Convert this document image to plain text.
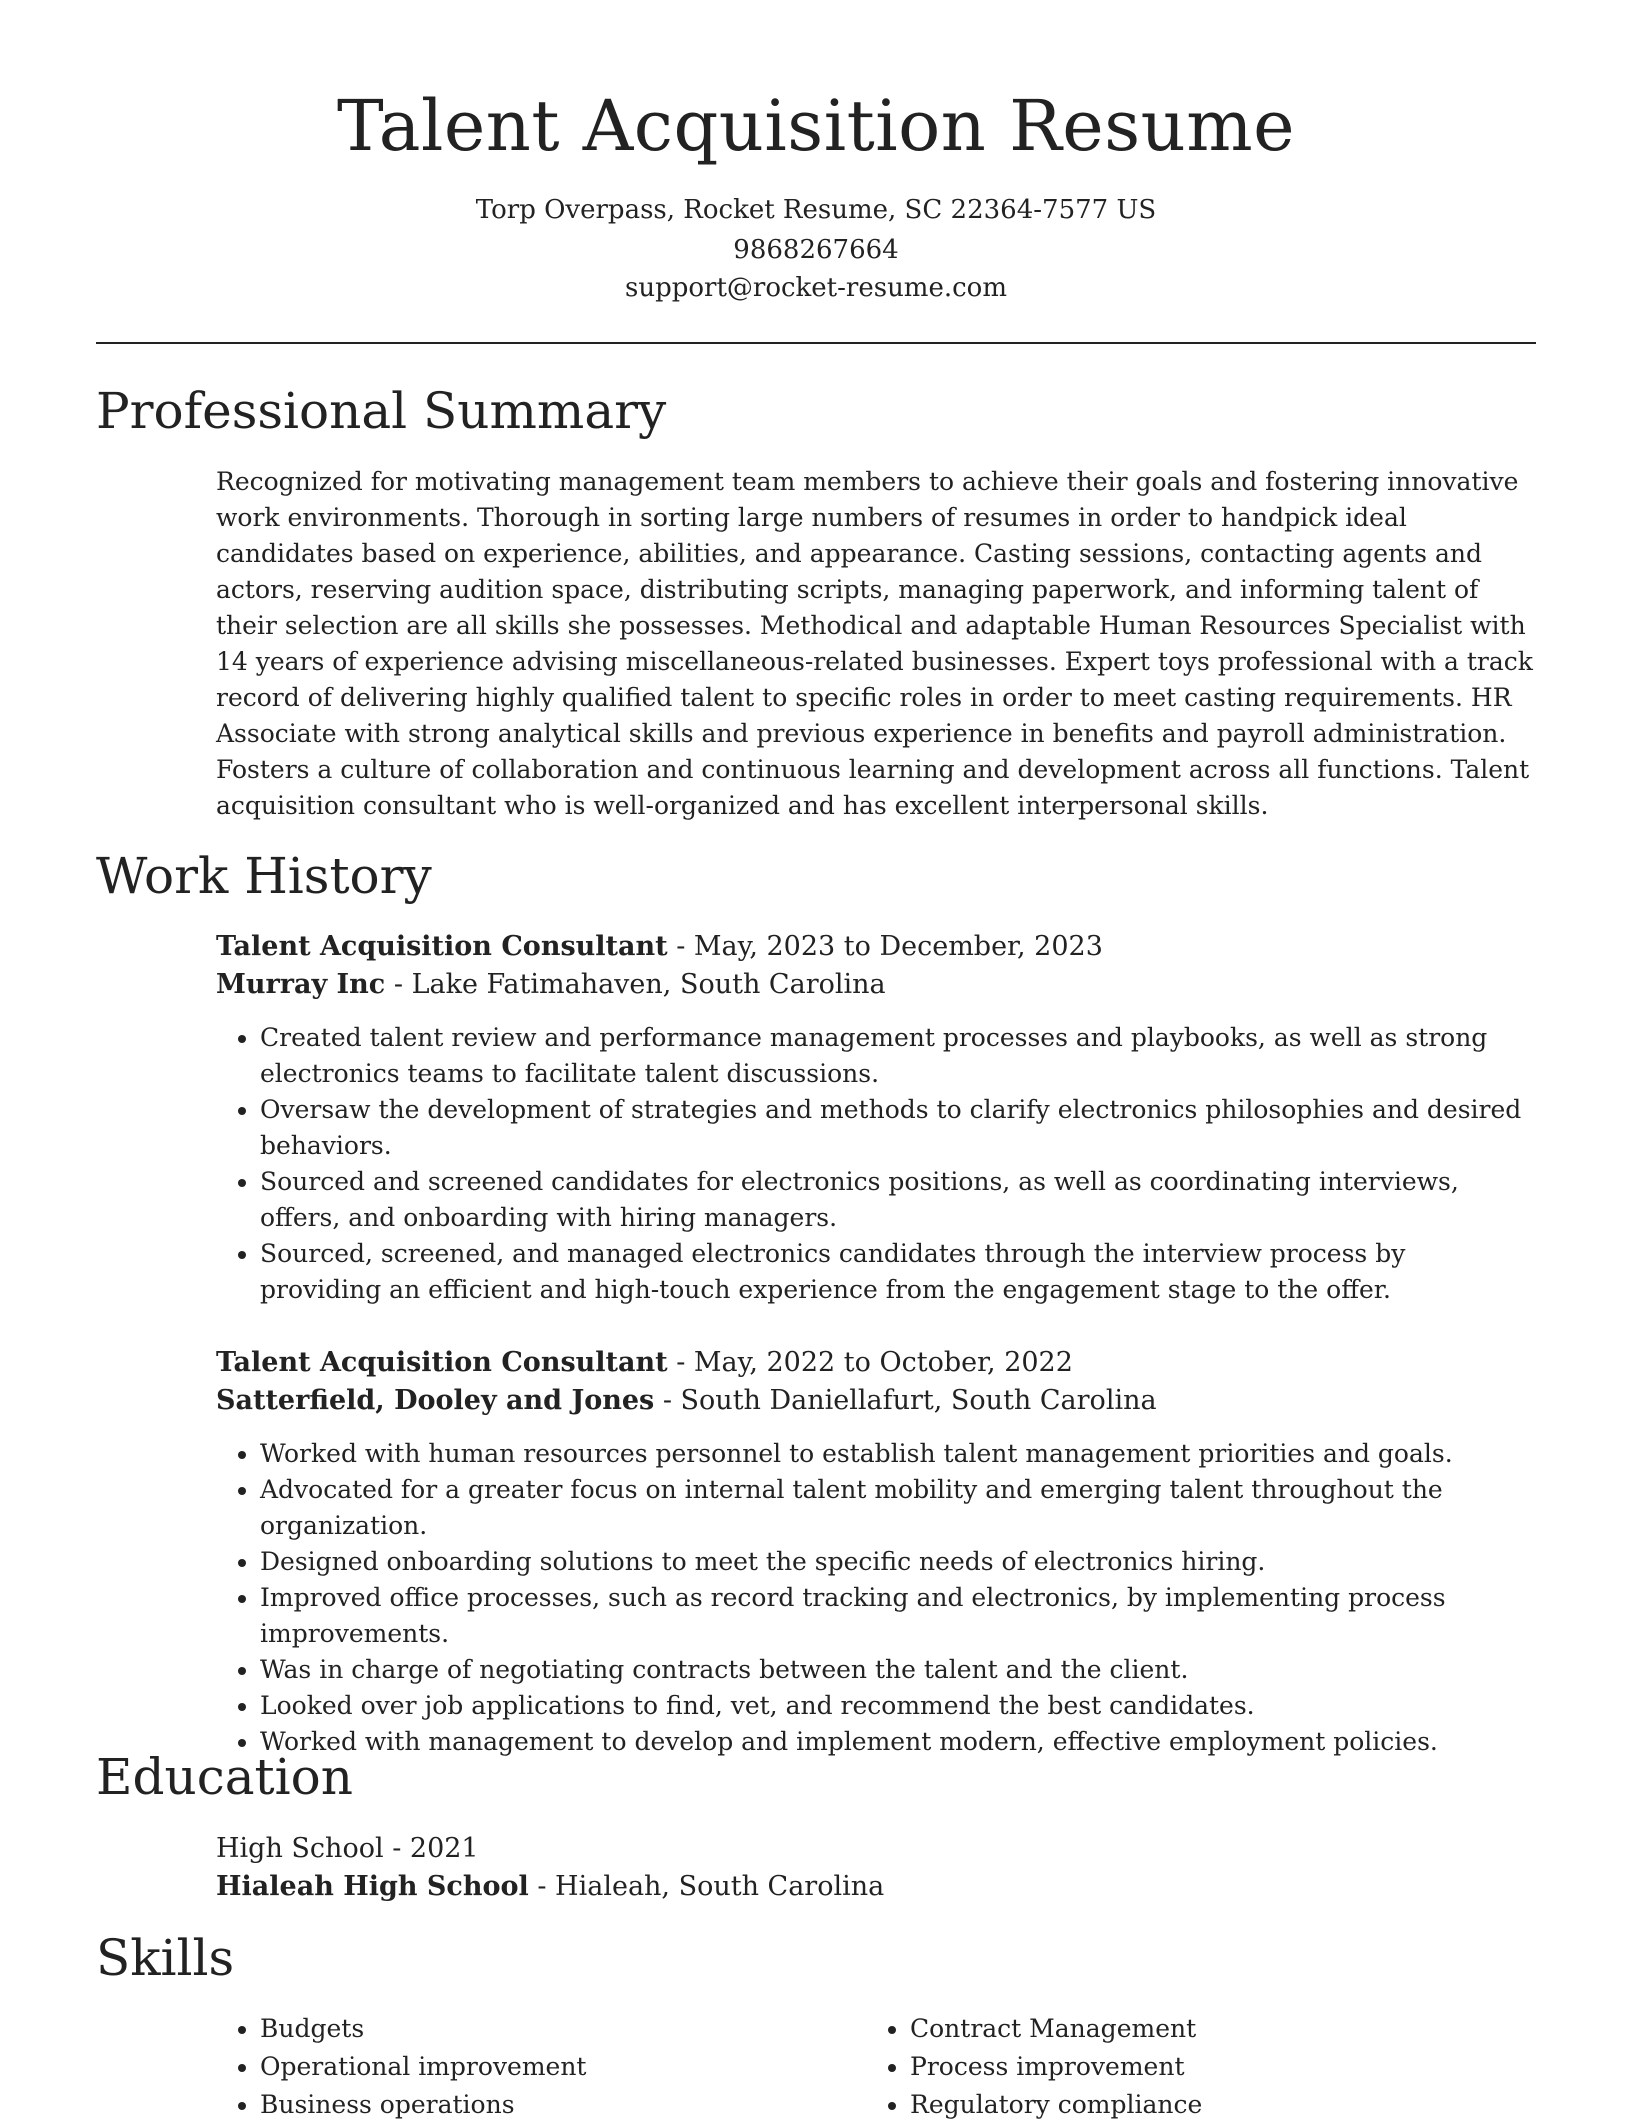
Talent Acquisition Resume
Torp Overpass, Rocket Resume, SC 22364-7577 US
9868267664
support@rocket-resume.com
Professional Summary

Recognized for motivating management team members to achieve their goals and fostering innovative work environments. Thorough in sorting large numbers of resumes in order to handpick ideal candidates based on experience, abilities, and appearance. Casting sessions, contacting agents and actors, reserving audition space, distributing scripts, managing paperwork, and informing talent of their selection are all skills she possesses. Methodical and adaptable Human Resources Specialist with 14 years of experience advising miscellaneous-related businesses. Expert toys professional with a track record of delivering highly qualified talent to specific roles in order to meet casting requirements. HR Associate with strong analytical skills and previous experience in benefits and payroll administration. Fosters a culture of collaboration and continuous learning and development across all functions. Talent acquisition consultant who is well-organized and has excellent interpersonal skills.

Work History
Talent Acquisition Consultant - May, 2023 to December, 2023
Murray Inc - Lake Fatimahaven, South Carolina
• Created talent review and performance management processes and playbooks, as well as strong electronics teams to facilitate talent discussions.
• Oversaw the development of strategies and methods to clarify electronics philosophies and desired behaviors.
• Sourced and screened candidates for electronics positions, as well as coordinating interviews, offers, and onboarding with hiring managers.
• Sourced, screened, and managed electronics candidates through the interview process by providing an efficient and high-touch experience from the engagement stage to the offer.
Talent Acquisition Consultant - May, 2022 to October, 2022
Satterfield, Dooley and Jones - South Daniellafurt, South Carolina
• Worked with human resources personnel to establish talent management priorities and goals.
• Advocated for a greater focus on internal talent mobility and emerging talent throughout the organization.
• Designed onboarding solutions to meet the specific needs of electronics hiring.
• Improved office processes, such as record tracking and electronics, by implementing process improvements.
• Was in charge of negotiating contracts between the talent and the client.
• Looked over job applications to find, vet, and recommend the best candidates.
• Worked with management to develop and implement modern, effective employment policies.
Education
High School - 2021
Hialeah High School - Hialeah, South Carolina
Skills
• Budgets
• Operational improvement
• Business operations
• Contract Management
• Process improvement
• Regulatory compliance
